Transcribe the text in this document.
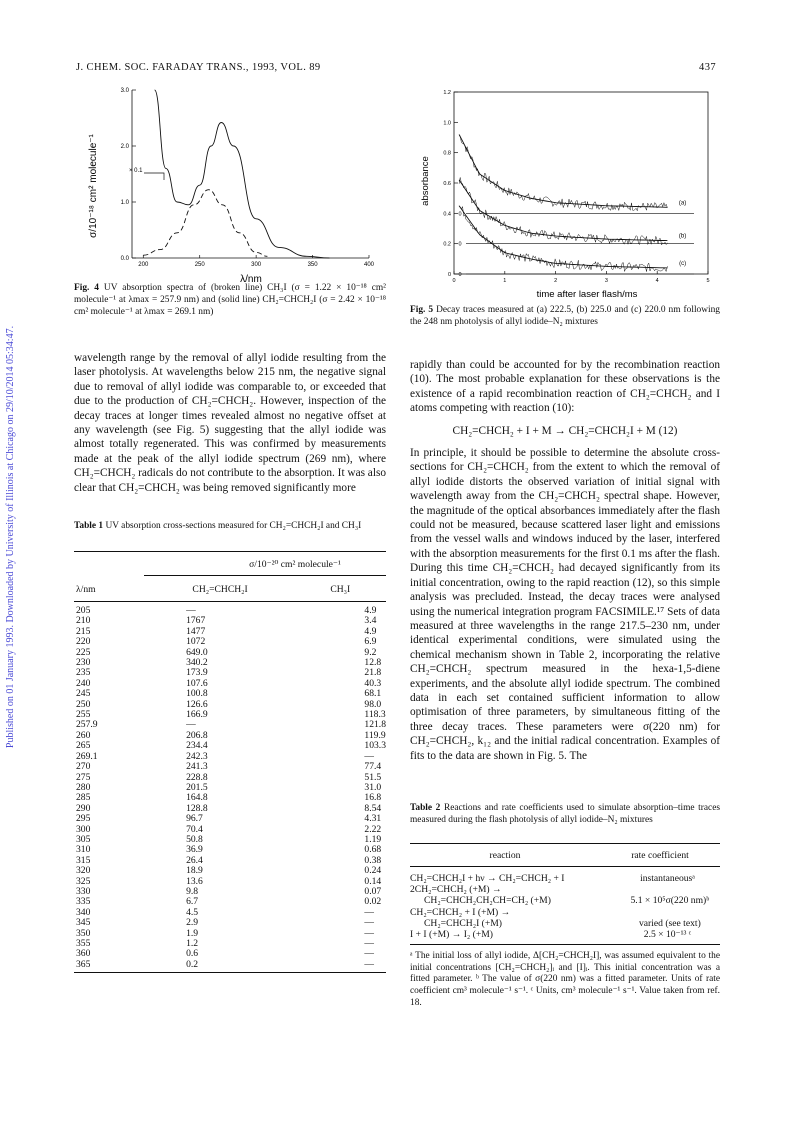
J. CHEM. SOC. FARADAY TRANS., 1993, VOL. 89	437
Published on 01 January 1993. Downloaded by University of Illinois at Chicago on 29/10/2014 05:34:47.
3.0
2.0
1.0
0.0
200	250	300	350	400
σ/10⁻¹⁸ cm² molecule⁻¹
λ/nm
× 0.1
Fig. 4 UV absorption spectra of (broken line) CH₃I (σ = 1.22 × 10⁻¹⁸ cm² molecule⁻¹ at λmax = 257.9 nm) and (solid line) CH₂=CHCH₂I (σ = 2.42 × 10⁻¹⁸ cm² molecule⁻¹ at λmax = 269.1 nm)
1.2
1.0
0.8
0.6
0.4
0.2
0
0	1	2	3	4	5
0
0
0
(a)
(b)
(c)
absorbance
time after laser flash/ms
Fig. 5 Decay traces measured at (a) 222.5, (b) 225.0 and (c) 220.0 nm following the 248 nm photolysis of allyl iodide–N₂ mixtures

wavelength range by the removal of allyl iodide resulting from the laser photolysis. At wavelengths below 215 nm, the negative signal due to removal of allyl iodide was comparable to, or exceeded that due to the production of CH₂=CHCH₂. However, inspection of the decay traces at longer times revealed almost no negative offset at any wavelength (see Fig. 5) suggesting that the allyl iodide was almost totally regenerated. This was confirmed by measurements made at the peak of the allyl iodide spectrum (269 nm), where CH₂=CHCH₂ radicals do not contribute to the absorption. It was also clear that CH₂=CHCH₂ was being removed significantly more

Table 1 UV absorption cross-sections measured for CH₂=CHCH₂I and CH₃I
σ/10⁻²⁰ cm² molecule⁻¹
λ/nm	CH₂=CHCH₂I	CH₃I
205	—	4.9
210	1767	3.4
215	1477	4.9
220	1072	6.9
225	649.0	9.2
230	340.2	12.8
235	173.9	21.8
240	107.6	40.3
245	100.8	68.1
250	126.6	98.0
255	166.9	118.3
257.9	—	121.8
260	206.8	119.9
265	234.4	103.3
269.1	242.3	—
270	241.3	77.4
275	228.8	51.5
280	201.5	31.0
285	164.8	16.8
290	128.8	8.54
295	96.7	4.31
300	70.4	2.22
305	50.8	1.19
310	36.9	0.68
315	26.4	0.38
320	18.9	0.24
325	13.6	0.14
330	9.8	0.07
335	6.7	0.02
340	4.5	—
345	2.9	—
350	1.9	—
355	1.2	—
360	0.6	—
365	0.2	—

rapidly than could be accounted for by the recombination reaction (10). The most probable explanation for these observations is the existence of a rapid recombination reaction of CH₂=CHCH₂ and I atoms competing with reaction (10):

CH₂=CHCH₂ + I + M → CH₂=CHCH₂I + M (12)

In principle, it should be possible to determine the absolute cross-sections for CH₂=CHCH₂ from the extent to which the removal of allyl iodide distorts the observed variation of initial signal with wavelength away from the CH₂=CHCH₂ spectral shape. However, the magnitude of the optical absorbances immediately after the flash could not be measured, because scattered laser light and emissions from the vessel walls and windows induced by the laser, interfered with the absorption measurements for the first 0.1 ms after the flash. During this time CH₂=CHCH₂ had decayed significantly from its initial concentration, owing to the rapid reaction (12), so this simple analysis was precluded. Instead, the decay traces were analysed using the numerical integration program FACSIMILE.¹⁷ Sets of data measured at three wavelengths in the range 217.5–230 nm, under identical experimental conditions, were simulated using the chemical mechanism shown in Table 2, incorporating the relative CH₂=CHCH₂ spectrum measured in the hexa-1,5-diene experiments, and the absolute allyl iodide spectrum. The combined data in each set contained sufficient information to allow optimisation of three parameters, by simultaneous fitting of the three decay traces. These parameters were σ(220 nm) for CH₂=CHCH₂, k₁₂ and the initial radical concentration. Examples of fits to the data are shown in Fig. 5. The

Table 2 Reactions and rate coefficients used to simulate absorption–time traces measured during the flash photolysis of allyl iodide–N₂ mixtures
reaction	rate coefficient
CH₂=CHCH₂I + hν → CH₂=CHCH₂ + I	instantaneousᵃ
2CH₂=CHCH₂ (+M) →
CH₂=CHCH₂CH₂CH=CH₂ (+M)	5.1 × 10⁵σ(220 nm)ᵇ
CH₂=CHCH₂ + I (+M) →
CH₂=CHCH₂I (+M)	varied (see text)
I + I (+M) → I₂ (+M)	2.5 × 10⁻¹³ ᶜ
ᵃ The initial loss of allyl iodide, Δ[CH₂=CHCH₂I], was assumed equivalent to the initial concentrations [CH₂=CHCH₂]ᵢ and [I]ᵢ. This initial concentration was a fitted parameter. ᵇ The value of σ(220 nm) was a fitted parameter. Units of rate coefficient cm³ molecule⁻¹ s⁻¹. ᶜ Units, cm³ molecule⁻¹ s⁻¹. Value taken from ref. 18.
